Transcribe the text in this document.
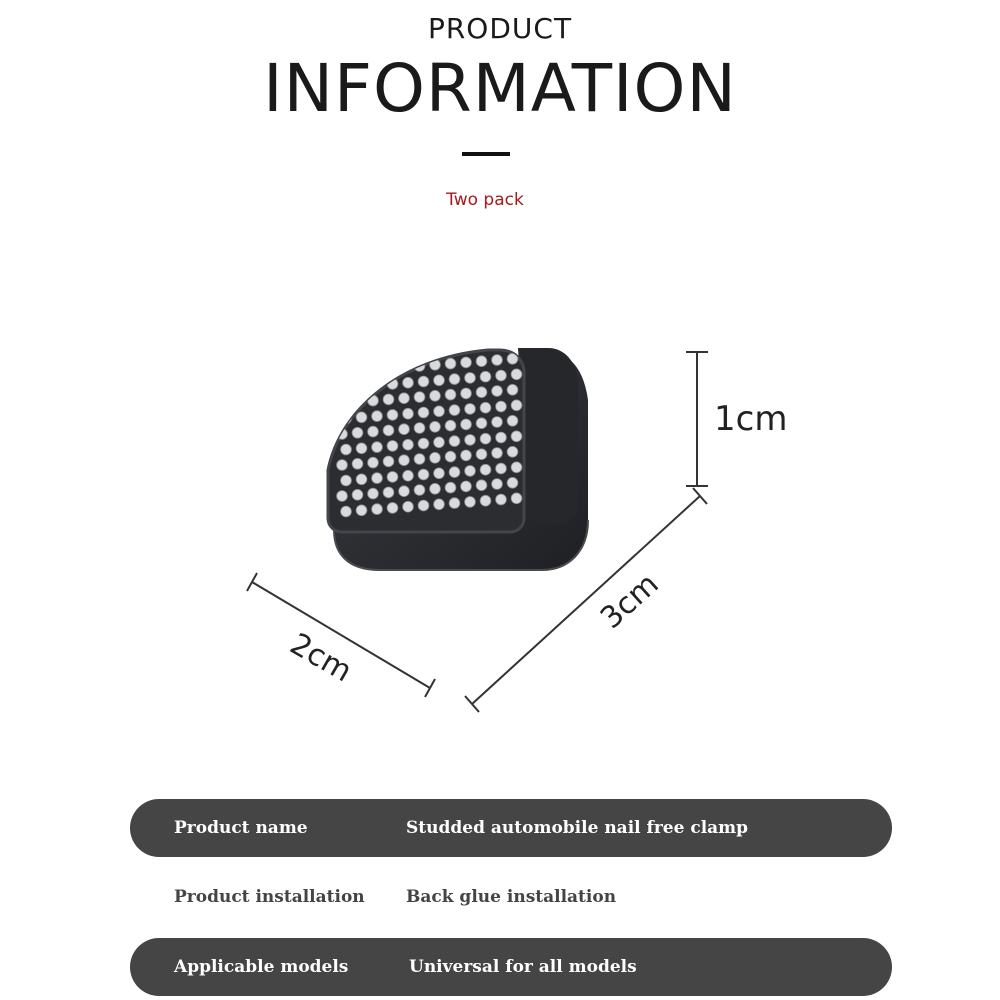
PRODUCT
INFORMATION
Two pack
1cm
3cm
2cm
Product name	Studded automobile nail free clamp
Product installation Back glue installation
Applicable models	Universal for all models
